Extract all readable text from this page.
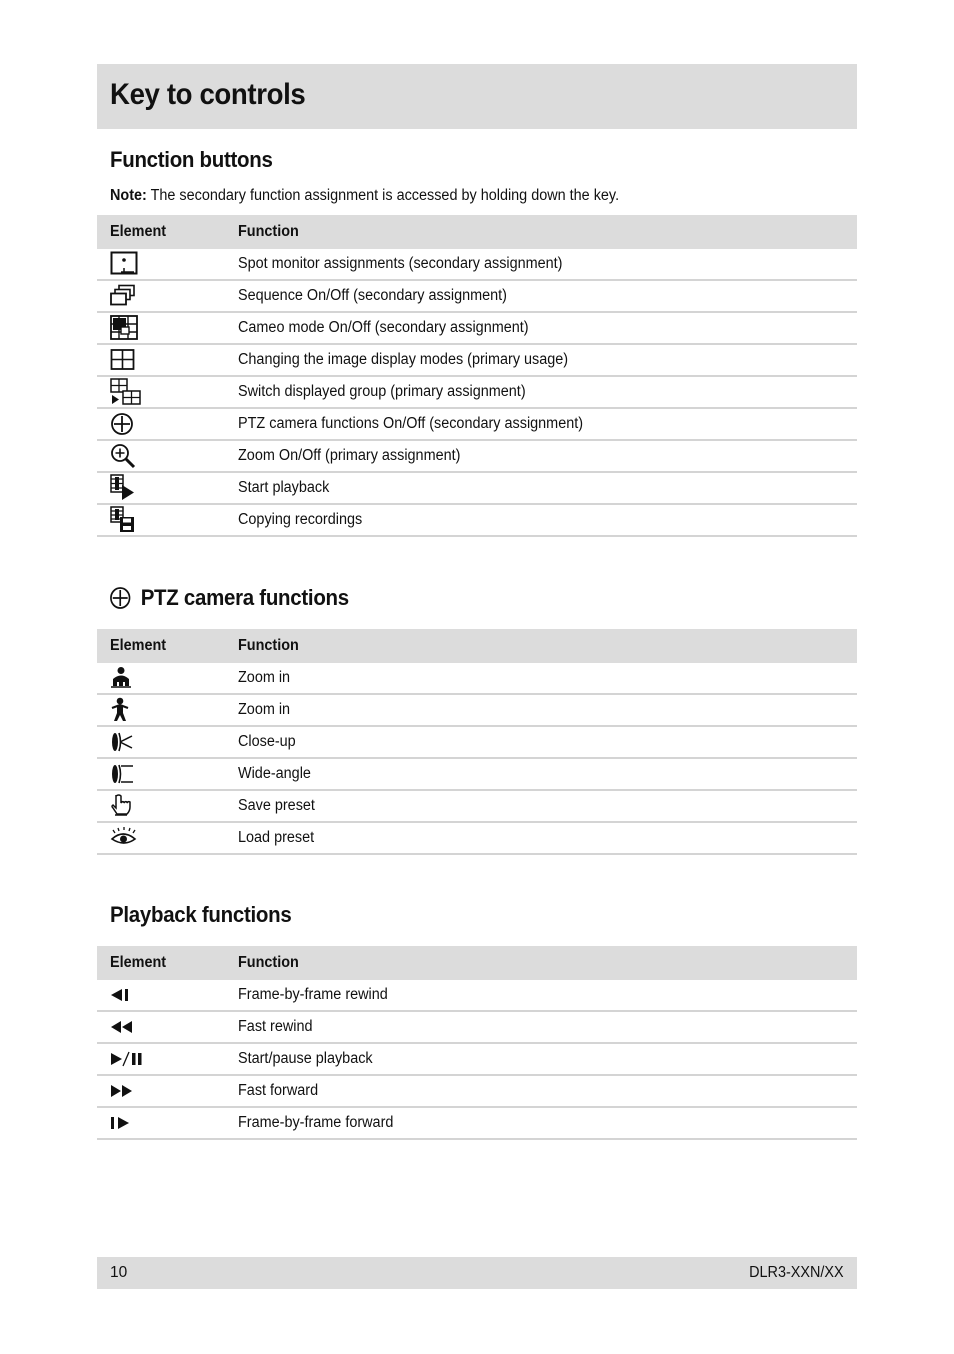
Key to controls
Function buttons
Note: The secondary function assignment is accessed by holding down the key.
Element	Function
	Spot monitor assignments (secondary assignment)
	Sequence On/Off (secondary assignment)
	Cameo mode On/Off (secondary assignment)
	Changing the image display modes (primary usage)
	Switch displayed group (primary assignment)
	PTZ camera functions On/Off (secondary assignment)
	Zoom On/Off (primary assignment)
	Start playback
	Copying recordings
PTZ camera functions
Element	Function
	Zoom in
	Zoom in
	Close-up
	Wide-angle
	Save preset
	Load preset
Playback functions
Element	Function
	Frame-by-frame rewind
	Fast rewind
	Start/pause playback
	Fast forward
	Frame-by-frame forward
10	DLR3-XXN/XX
